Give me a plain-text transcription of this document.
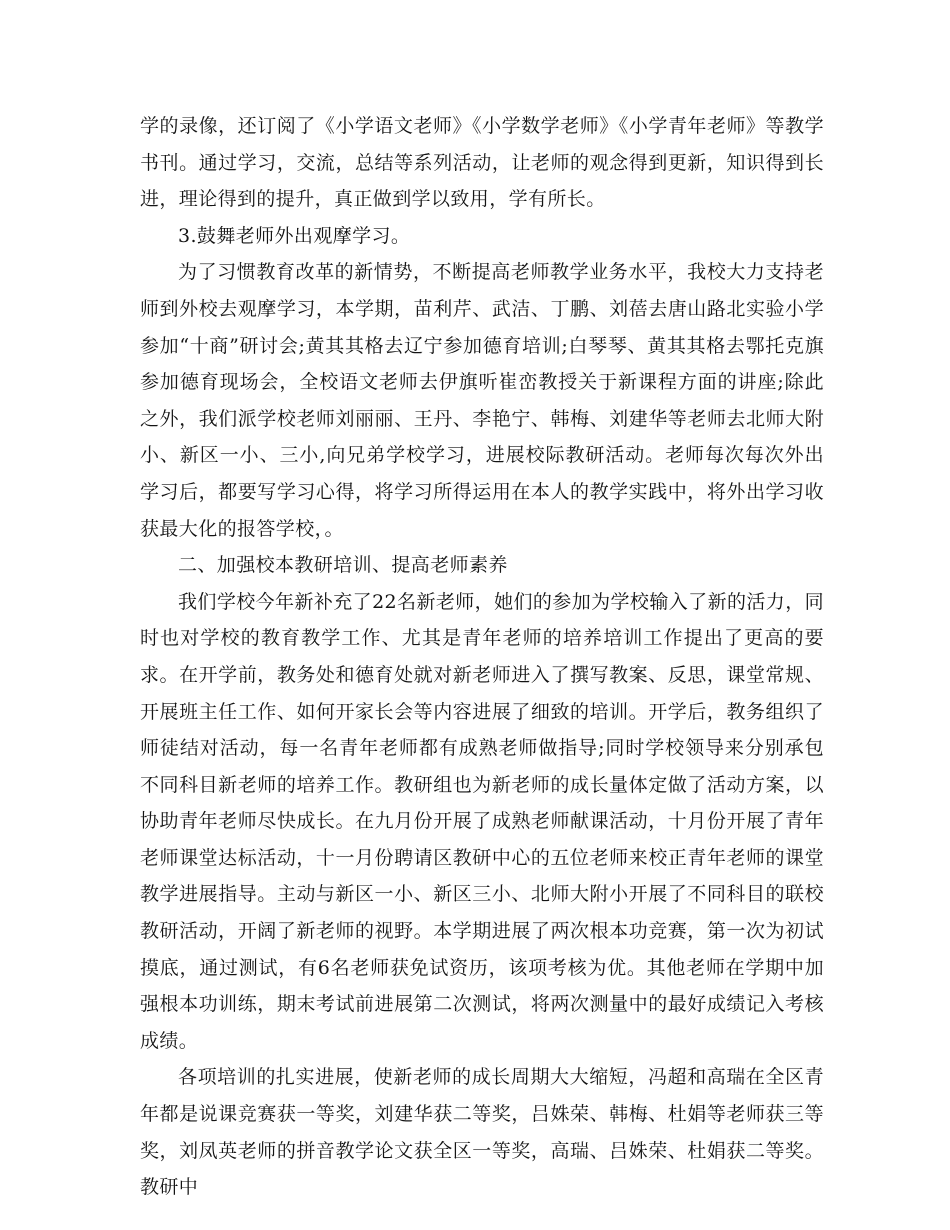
学的录像，还订阅了《小学语文老师》《小学数学老师》《小学青年老师》等教学书刊。通过学习，交流，总结等系列活动，让老师的观念得到更新，知识得到长进，理论得到的提升，真正做到学以致用，学有所长。

3.鼓舞老师外出观摩学习。

为了习惯教育改革的新情势，不断提高老师教学业务水平，我校大力支持老师到外校去观摩学习，本学期，苗利芹、武洁、丁鹏、刘蓓去唐山路北实验小学参加“十商”研讨会;黄其其格去辽宁参加德育培训;白琴琴、黄其其格去鄂托克旗参加德育现场会，全校语文老师去伊旗听崔峦教授关于新课程方面的讲座;除此之外，我们派学校老师刘丽丽、王丹、李艳宁、韩梅、刘建华等老师去北师大附小、新区一小、三小,向兄弟学校学习，进展校际教研活动。老师每次每次外出学习后，都要写学习心得，将学习所得运用在本人的教学实践中，将外出学习收获最大化的报答学校，。

二、加强校本教研培训、提高老师素养

我们学校今年新补充了22名新老师，她们的参加为学校输入了新的活力，同时也对学校的教育教学工作、尤其是青年老师的培养培训工作提出了更高的要求。在开学前，教务处和德育处就对新老师进入了撰写教案、反思，课堂常规、开展班主任工作、如何开家长会等内容进展了细致的培训。开学后，教务组织了师徒结对活动，每一名青年老师都有成熟老师做指导;同时学校领导来分别承包不同科目新老师的培养工作。教研组也为新老师的成长量体定做了活动方案，以协助青年老师尽快成长。在九月份开展了成熟老师献课活动，十月份开展了青年老师课堂达标活动，十一月份聘请区教研中心的五位老师来校正青年老师的课堂教学进展指导。主动与新区一小、新区三小、北师大附小开展了不同科目的联校教研活动，开阔了新老师的视野。本学期进展了两次根本功竞赛，第一次为初试摸底，通过测试，有6名老师获免试资历，该项考核为优。其他老师在学期中加强根本功训练，期末考试前进展第二次测试，将两次测量中的最好成绩记入考核成绩。

各项培训的扎实进展，使新老师的成长周期大大缩短，冯超和高瑞在全区青年都是说课竞赛获一等奖，刘建华获二等奖，吕姝荣、韩梅、杜娟等老师获三等奖，刘凤英老师的拼音教学论文获全区一等奖，高瑞、吕姝荣、杜娟获二等奖。教研中
